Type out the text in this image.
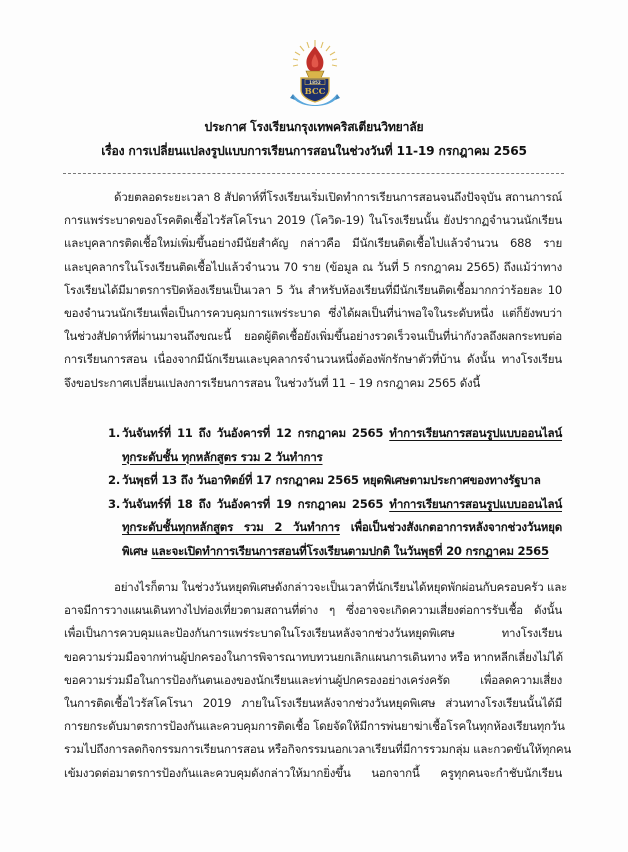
1852
BCC
ประกาศ โรงเรียนกรุงเทพคริสเตียนวิทยาลัย
เรื่อง การเปลี่ยนแปลงรูปแบบการเรียนการสอนในช่วงวันที่ 11-19 กรกฎาคม 2565
ด้วยตลอดระยะเวลา 8 สัปดาห์ที่โรงเรียนเริ่มเปิดทำการเรียนการสอนจนถึงปัจจุบัน สถานการณ์
การแพร่ระบาดของโรคติดเชื้อไวรัสโคโรนา 2019 (โควิด-19) ในโรงเรียนนั้น ยังปรากฏจำนวนนักเรียน
และบุคลากรติดเชื้อใหม่เพิ่มขึ้นอย่างมีนัยสำคัญ กล่าวคือ มีนักเรียนติดเชื้อไปแล้วจำนวน 688 ราย
และบุคลากรในโรงเรียนติดเชื้อไปแล้วจำนวน 70 ราย (ข้อมูล ณ วันที่ 5 กรกฎาคม 2565) ถึงแม้ว่าทาง
โรงเรียนได้มีมาตรการปิดห้องเรียนเป็นเวลา 5 วัน สำหรับห้องเรียนที่มีนักเรียนติดเชื้อมากกว่าร้อยละ 10
ของจำนวนนักเรียนเพื่อเป็นการควบคุมการแพร่ระบาด ซึ่งได้ผลเป็นที่น่าพอใจในระดับหนึ่ง แต่ก็ยังพบว่า
ในช่วงสัปดาห์ที่ผ่านมาจนถึงขณะนี้ ยอดผู้ติดเชื้อยังเพิ่มขึ้นอย่างรวดเร็วจนเป็นที่น่ากังวลถึงผลกระทบต่อ
การเรียนการสอน เนื่องจากมีนักเรียนและบุคลากรจำนวนหนึ่งต้องพักรักษาตัวที่บ้าน ดังนั้น ทางโรงเรียน
จึงขอประกาศเปลี่ยนแปลงการเรียนการสอน ในช่วงวันที่ 11 – 19 กรกฎาคม 2565 ดังนี้
1. วันจันทร์ที่ 11 ถึง วันอังคารที่ 12 กรกฎาคม 2565 ทำการเรียนการสอนรูปแบบออนไลน์
ทุกระดับชั้น ทุกหลักสูตร รวม 2 วันทำการ
2. วันพุธที่ 13 ถึง วันอาทิตย์ที่ 17 กรกฎาคม 2565 หยุดพิเศษตามประกาศของทางรัฐบาล
3. วันจันทร์ที่ 18 ถึง วันอังคารที่ 19 กรกฎาคม 2565 ทำการเรียนการสอนรูปแบบออนไลน์
ทุกระดับชั้นทุกหลักสูตร รวม 2 วันทำการ เพื่อเป็นช่วงสังเกตอาการหลังจากช่วงวันหยุด
พิเศษ และจะเปิดทำการเรียนการสอนที่โรงเรียนตามปกติ ในวันพุธที่ 20 กรกฎาคม 2565
อย่างไรก็ตาม ในช่วงวันหยุดพิเศษดังกล่าวจะเป็นเวลาที่นักเรียนได้หยุดพักผ่อนกับครอบครัว และ
อาจมีการวางแผนเดินทางไปท่องเที่ยวตามสถานที่ต่าง ๆ ซึ่งอาจจะเกิดความเสี่ยงต่อการรับเชื้อ ดังนั้น
เพื่อเป็นการควบคุมและป้องกันการแพร่ระบาดในโรงเรียนหลังจากช่วงวันหยุดพิเศษ ทางโรงเรียน
ขอความร่วมมือจากท่านผู้ปกครองในการพิจารณาทบทวนยกเลิกแผนการเดินทาง หรือ หากหลีกเลี่ยงไม่ได้
ขอความร่วมมือในการป้องกันตนเองของนักเรียนและท่านผู้ปกครองอย่างเคร่งครัด เพื่อลดความเสี่ยง
ในการติดเชื้อไวรัสโคโรนา 2019 ภายในโรงเรียนหลังจากช่วงวันหยุดพิเศษ ส่วนทางโรงเรียนนั้นได้มี
การยกระดับมาตรการป้องกันและควบคุมการติดเชื้อ โดยจัดให้มีการพ่นยาฆ่าเชื้อโรคในทุกห้องเรียนทุกวัน
รวมไปถึงการลดกิจกรรมการเรียนการสอน หรือกิจกรรมนอกเวลาเรียนที่มีการรวมกลุ่ม และกวดขันให้ทุกคน
เข้มงวดต่อมาตรการป้องกันและควบคุมดังกล่าวให้มากยิ่งขึ้น นอกจากนี้ ครูทุกคนจะกำชับนักเรียน
